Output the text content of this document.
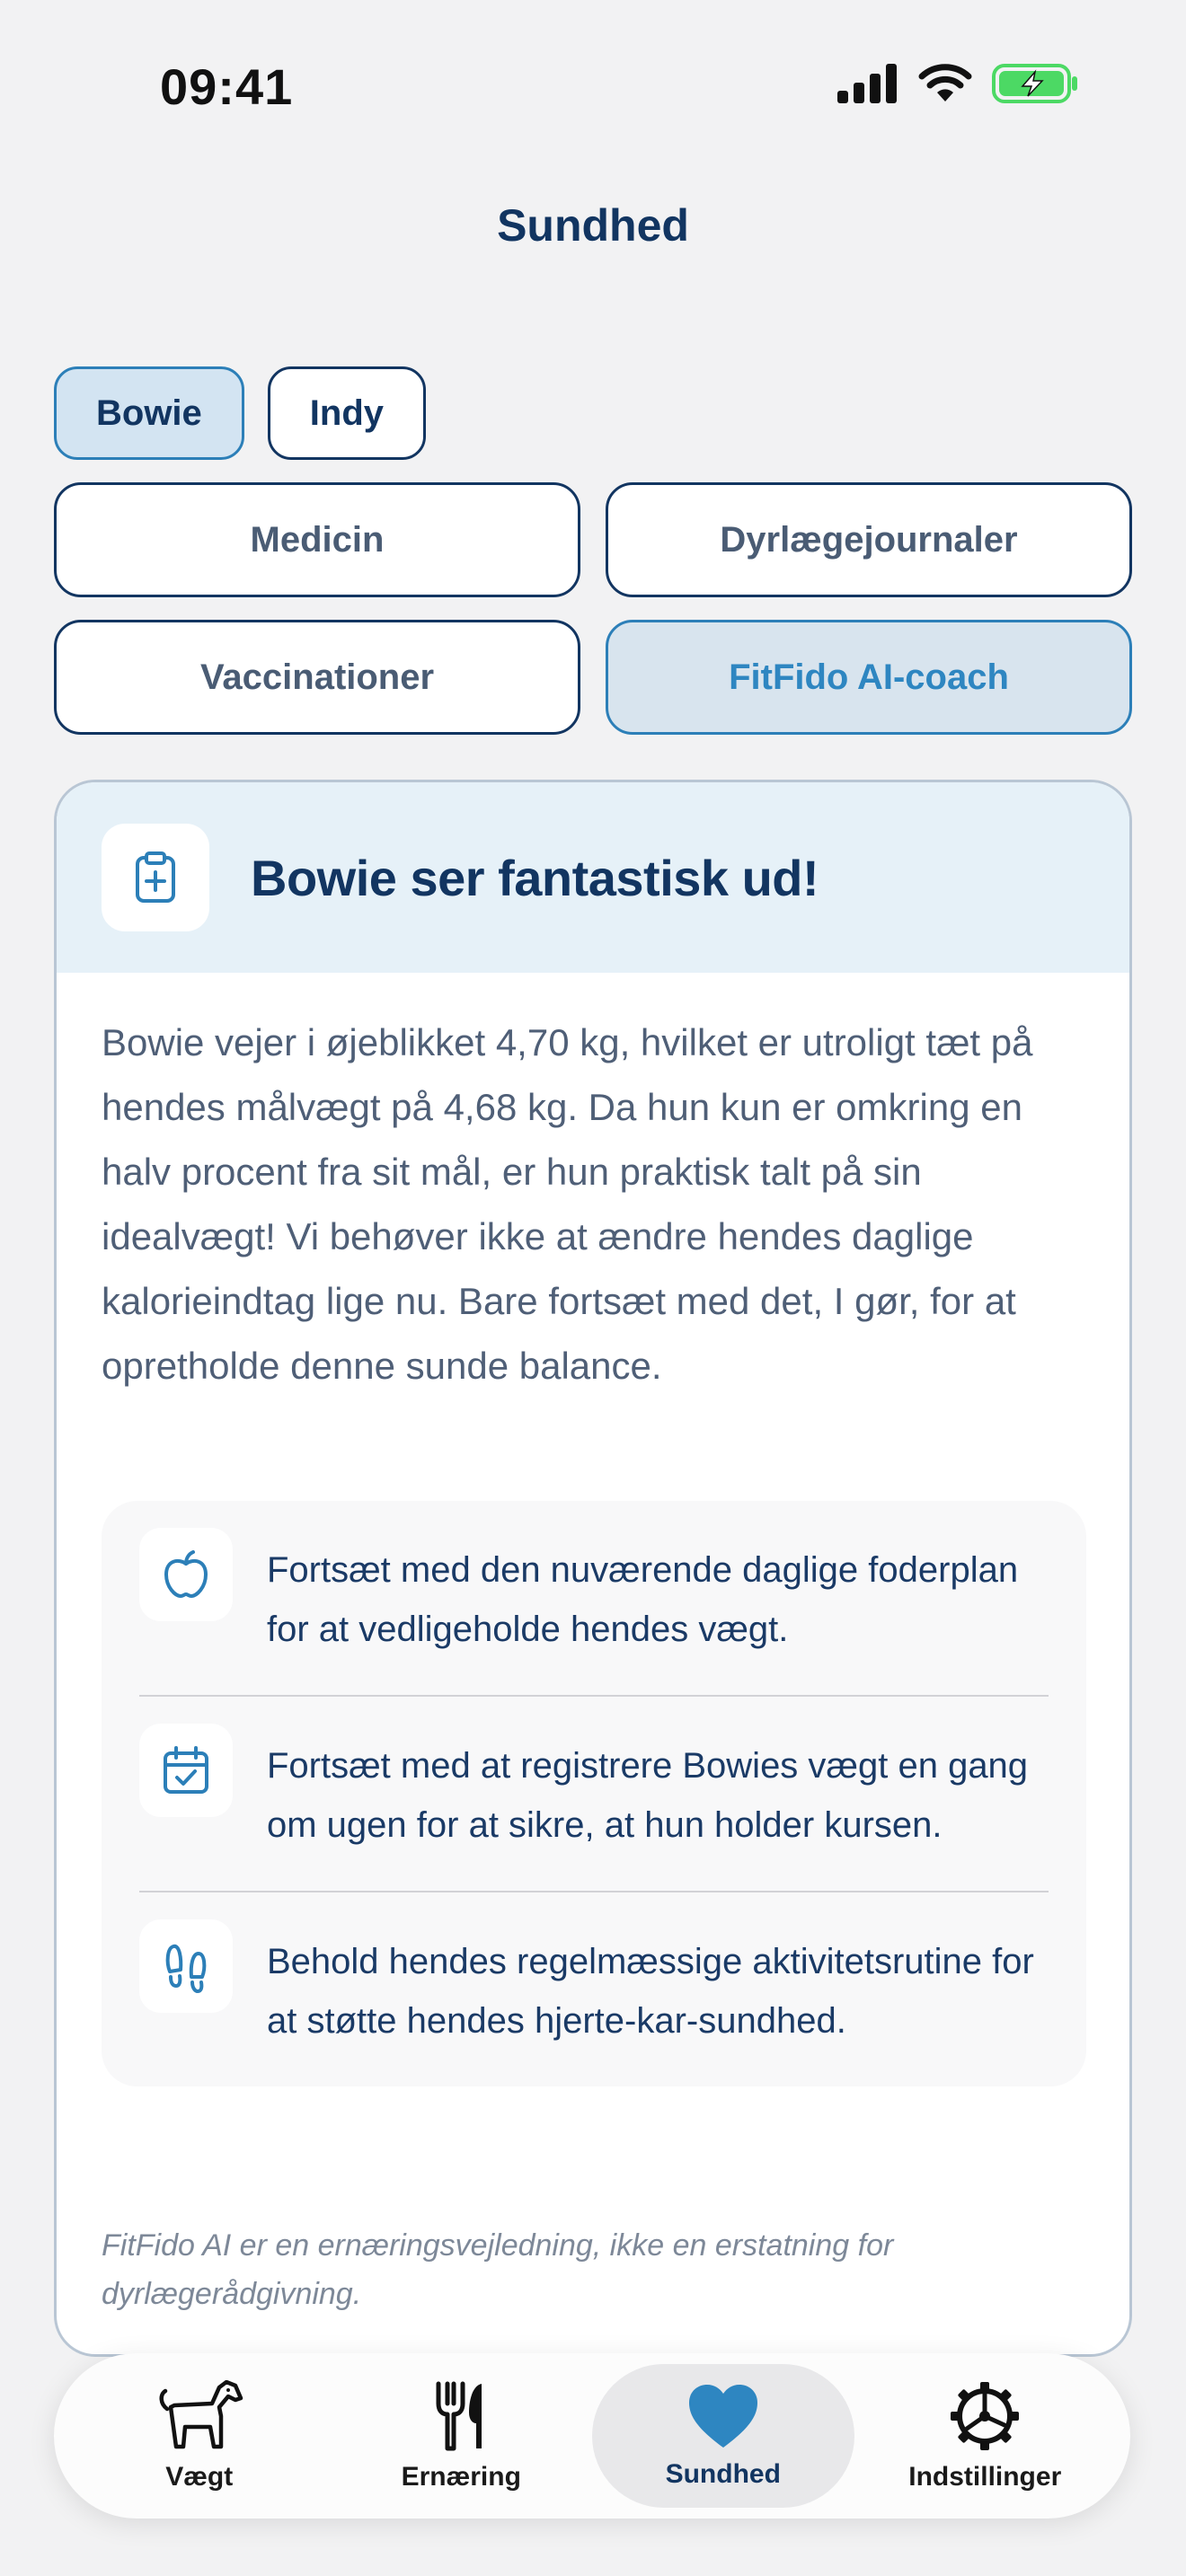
09:41
Sundhed
Bowie	Indy
Medicin	Dyrlægejournaler
Vaccinationer	FitFido AI-coach
Bowie ser fantastisk ud!
Bowie vejer i øjeblikket 4,70 kg, hvilket er utroligt tæt på hendes målvægt på 4,68 kg. Da hun kun er omkring en halv procent fra sit mål, er hun praktisk talt på sin idealvægt! Vi behøver ikke at ændre hendes daglige kalorieindtag lige nu. Bare fortsæt med det, I gør, for at opretholde denne sunde balance.
Fortsæt med den nuværende daglige foderplan for at vedligeholde hendes vægt.
Fortsæt med at registrere Bowies vægt en gang om ugen for at sikre, at hun holder kursen.
Behold hendes regelmæssige aktivitetsrutine for at støtte hendes hjerte-kar-sundhed.
FitFido AI er en ernæringsvejledning, ikke en erstatning for dyrlægerådgivning.
Vægt	Ernæring	Sundhed	Indstillinger
